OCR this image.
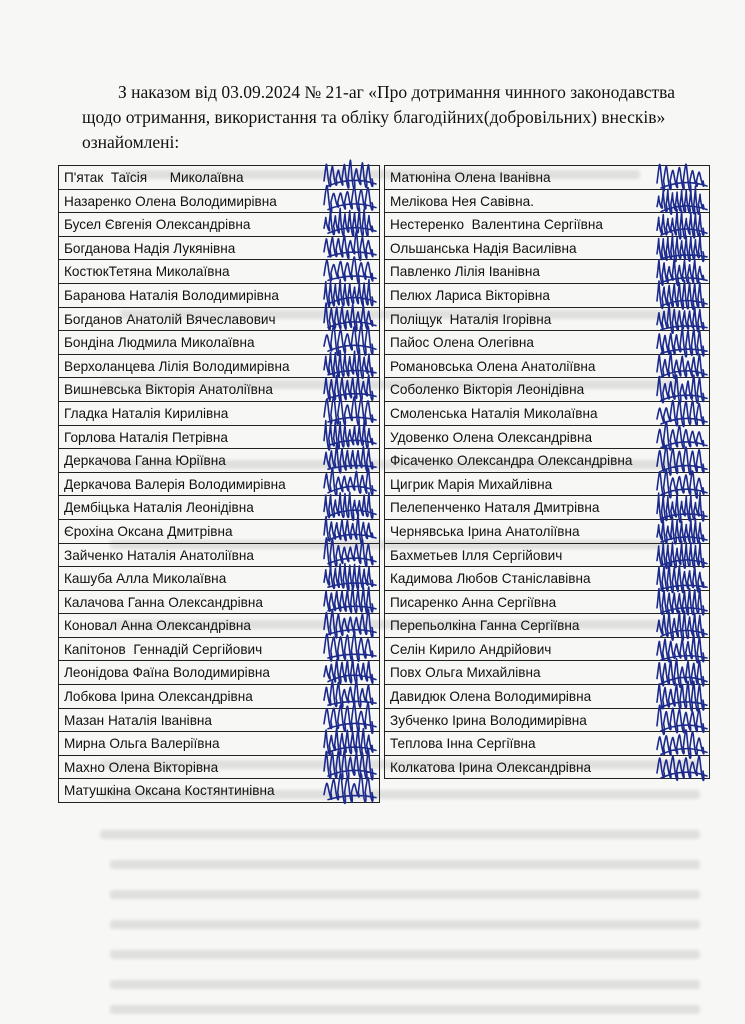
З наказом від 03.09.2024 № 21-аг «Про дотримання чинного законодавства

щодо отримання, використання та обліку благодійних(добровільних) внесків»

ознайомлені:

П'ятак  Таїсія      Миколаївна
Назаренко Олена Володимирівна
Бусел Євгенія Олександрівна
Богданова Надія Лукянівна
КостюкТетяна Миколаївна
Баранова Наталія Володимирівна
Богданов Анатолій Вячеславович
Бондіна Людмила Миколаївна
Верхоланцева Лілія Володимирівна
Вишневська Вікторія Анатоліївна
Гладка Наталія Кирилівна
Горлова Наталія Петрівна
Деркачова Ганна Юріївна
Деркачова Валерія Володимирівна
Дембіцька Наталія Леонідівна
Єрохіна Оксана Дмитрівна
Зайченко Наталія Анатоліївна
Кашуба Алла Миколаївна
Калачова Ганна Олександрівна
Коновал Анна Олександрівна
Капітонов  Геннадій Сергійович
Леонідова Фаїна Володимирівна
Лобкова Ірина Олександрівна
Мазан Наталія Іванівна
Мирна Ольга Валеріївна
Махно Олена Вікторівна
Матушкіна Оксана Костянтинівна
Матюніна Олена Іванівна
Мелікова Нея Савівна.
Нестеренко  Валентина Сергіївна
Ольшанська Надія Василівна
Павленко Лілія Іванівна
Пелюх Лариса Вікторівна
Поліщук  Наталія Ігорівна
Пайос Олена Олегівна
Романовська Олена Анатоліївна
Соболенко Вікторія Леонідівна
Смоленська Наталія Миколаївна
Удовенко Олена Олександрівна
Фісаченко Олександра Олександрівна
Цигрик Марія Михайлівна
Пелепенченко Наталя Дмитрівна
Чернявська Ірина Анатоліївна
Бахметьев Ілля Сергійович
Кадимова Любов Станіславівна
Писаренко Анна Сергіївна
Перепьолкіна Ганна Сергіївна
Селін Кирило Андрійович
Повх Ольга Михайлівна
Давидюк Олена Володимирівна
Зубченко Ірина Володимирівна
Теплова Інна Сергіївна
Колкатова Ірина Олександрівна
